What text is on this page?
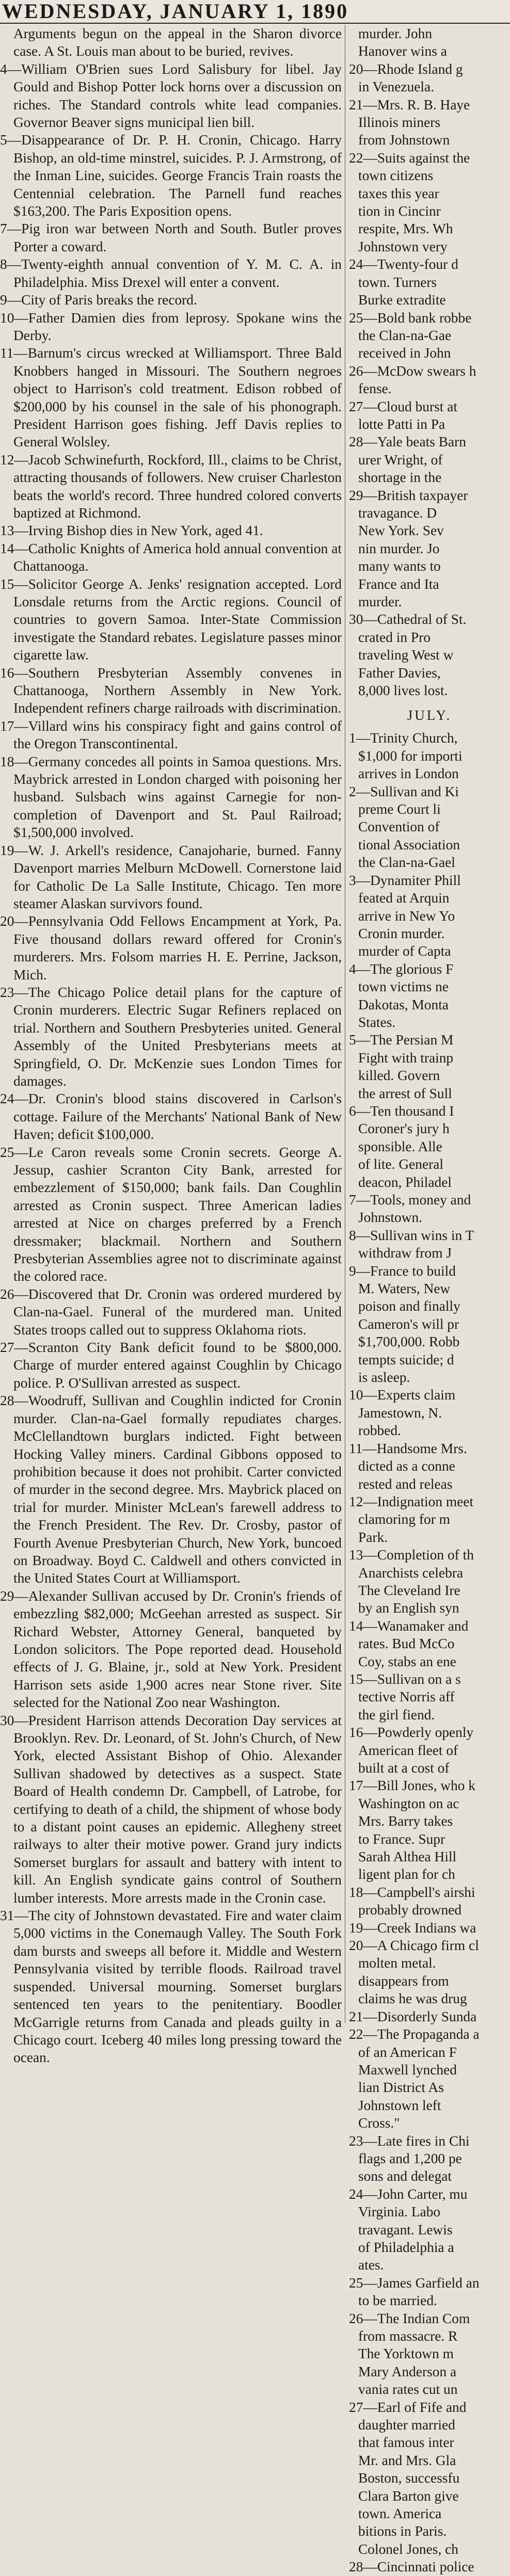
WEDNESDAY, JANUARY 1, 1890

Arguments begun on the appeal in the Sharon divorce case. A St. Louis man about to be buried, revives.

4—William O'Brien sues Lord Salisbury for libel. Jay Gould and Bishop Potter lock horns over a discussion on riches. The Standard controls white lead companies. Governor Beaver signs municipal lien bill.

5—Disappearance of Dr. P. H. Cronin, Chicago. Harry Bishop, an old-time minstrel, suicides. P. J. Armstrong, of the Inman Line, suicides. George Francis Train roasts the Centennial celebration. The Parnell fund reaches $163,200. The Paris Exposition opens.

7—Pig iron war between North and South. Butler proves Porter a coward.

8—Twenty-eighth annual convention of Y. M. C. A. in Philadelphia. Miss Drexel will enter a convent.

9—City of Paris breaks the record.

10—Father Damien dies from leprosy. Spokane wins the Derby.

11—Barnum's circus wrecked at Williamsport. Three Bald Knobbers hanged in Missouri. The Southern negroes object to Harrison's cold treatment. Edison robbed of $200,000 by his counsel in the sale of his phonograph. President Harrison goes fishing. Jeff Davis replies to General Wolsley.

12—Jacob Schwinefurth, Rockford, Ill., claims to be Christ, attracting thousands of followers. New cruiser Charleston beats the world's record. Three hundred colored converts baptized at Richmond.

13—Irving Bishop dies in New York, aged 41.

14—Catholic Knights of America hold annual convention at Chattanooga.

15—Solicitor George A. Jenks' resignation accepted. Lord Lonsdale returns from the Arctic regions. Council of countries to govern Samoa. Inter-State Commission investigate the Standard rebates. Legislature passes minor cigarette law.

16—Southern Presbyterian Assembly convenes in Chattanooga, Northern Assembly in New York. Independent refiners charge railroads with discrimination.

17—Villard wins his conspiracy fight and gains control of the Oregon Transcontinental.

18—Germany concedes all points in Samoa questions. Mrs. Maybrick arrested in London charged with poisoning her husband. Sulsbach wins against Carnegie for non-completion of Davenport and St. Paul Railroad; $1,500,000 involved.

19—W. J. Arkell's residence, Canajoharie, burned. Fanny Davenport marries Melburn McDowell. Cornerstone laid for Catholic De La Salle Institute, Chicago. Ten more steamer Alaskan survivors found.

20—Pennsylvania Odd Fellows Encampment at York, Pa. Five thousand dollars reward offered for Cronin's murderers. Mrs. Folsom marries H. E. Perrine, Jackson, Mich.

23—The Chicago Police detail plans for the capture of Cronin murderers. Electric Sugar Refiners replaced on trial. Northern and Southern Presbyteries united. General Assembly of the United Presbyterians meets at Springfield, O. Dr. McKenzie sues London Times for damages.

24—Dr. Cronin's blood stains discovered in Carlson's cottage. Failure of the Merchants' National Bank of New Haven; deficit $100,000.

25—Le Caron reveals some Cronin secrets. George A. Jessup, cashier Scranton City Bank, arrested for embezzlement of $150,000; bank fails. Dan Coughlin arrested as Cronin suspect. Three American ladies arrested at Nice on charges preferred by a French dressmaker; blackmail. Northern and Southern Presbyterian Assemblies agree not to discriminate against the colored race.

26—Discovered that Dr. Cronin was ordered murdered by Clan-na-Gael. Funeral of the murdered man. United States troops called out to suppress Oklahoma riots.

27—Scranton City Bank deficit found to be $800,000. Charge of murder entered against Coughlin by Chicago police. P. O'Sullivan arrested as suspect.

28—Woodruff, Sullivan and Coughlin indicted for Cronin murder. Clan-na-Gael formally repudiates charges. McClellandtown burglars indicted. Fight between Hocking Valley miners. Cardinal Gibbons opposed to prohibition because it does not prohibit. Carter convicted of murder in the second degree. Mrs. Maybrick placed on trial for murder. Minister McLean's farewell address to the French President. The Rev. Dr. Crosby, pastor of Fourth Avenue Presbyterian Church, New York, buncoed on Broadway. Boyd C. Caldwell and others convicted in the United States Court at Williamsport.

29—Alexander Sullivan accused by Dr. Cronin's friends of embezzling $82,000; McGeehan arrested as suspect. Sir Richard Webster, Attorney General, banqueted by London solicitors. The Pope reported dead. Household effects of J. G. Blaine, jr., sold at New York. President Harrison sets aside 1,900 acres near Stone river. Site selected for the National Zoo near Washington.

30—President Harrison attends Decoration Day services at Brooklyn. Rev. Dr. Leonard, of St. John's Church, of New York, elected Assistant Bishop of Ohio. Alexander Sullivan shadowed by detectives as a suspect. State Board of Health condemn Dr. Campbell, of Latrobe, for certifying to death of a child, the shipment of whose body to a distant point causes an epidemic. Allegheny street railways to alter their motive power. Grand jury indicts Somerset burglars for assault and battery with intent to kill. An English syndicate gains control of Southern lumber interests. More arrests made in the Cronin case.

31—The city of Johnstown devastated. Fire and water claim 5,000 victims in the Conemaugh Valley. The South Fork dam bursts and sweeps all before it. Middle and Western Pennsylvania visited by terrible floods. Railroad travel suspended. Universal mourning. Somerset burglars sentenced ten years to the penitentiary. Boodler McGarrigle returns from Canada and pleads guilty in a Chicago court. Iceberg 40 miles long pressing toward the ocean.

murder. John

Hanover wins a

20—Rhode Island g

in Venezuela.

21—Mrs. R. B. Haye

Illinois miners

from Johnstown

22—Suits against the

town citizens

taxes this year

tion in Cincinr

respite, Mrs. Wh

Johnstown very

24—Twenty-four d

town. Turners

Burke extradite

25—Bold bank robbe

the Clan-na-Gae

received in John

26—McDow swears h

fense.

27—Cloud burst at

lotte Patti in Pa

28—Yale beats Barn

urer Wright, of

shortage in the

29—British taxpayer

travagance. D

New York. Sev

nin murder. Jo

many wants to

France and Ita

murder.

30—Cathedral of St.

crated in Pro

traveling West w

Father Davies,

8,000 lives lost.

JULY.

1—Trinity Church,

$1,000 for importi

arrives in London

2—Sullivan and Ki

preme Court li

Convention of

tional Association

the Clan-na-Gael

3—Dynamiter Phill

feated at Arquin

arrive in New Yo

Cronin murder.

murder of Capta

4—The glorious F

town victims ne

Dakotas, Monta

States.

5—The Persian M

Fight with trainp

killed. Govern

the arrest of Sull

6—Ten thousand I

Coroner's jury h

sponsible. Alle

of lite. General

deacon, Philadel

7—Tools, money and

Johnstown.

8—Sullivan wins in T

withdraw from J

9—France to build

M. Waters, New

poison and finally

Cameron's will pr

$1,700,000. Robb

tempts suicide; d

is asleep.

10—Experts claim

Jamestown, N.

robbed.

11—Handsome Mrs.

dicted as a conne

rested and releas

12—Indignation meet

clamoring for m

Park.

13—Completion of th

Anarchists celebra

The Cleveland Ire

by an English syn

14—Wanamaker and

rates. Bud McCo

Coy, stabs an ene

15—Sullivan on a s

tective Norris aff

the girl fiend.

16—Powderly openly

American fleet of

built at a cost of

17—Bill Jones, who k

Washington on ac

Mrs. Barry takes

to France. Supr

Sarah Althea Hill

ligent plan for ch

18—Campbell's airshi

probably drowned

19—Creek Indians wa

20—A Chicago firm cl

molten metal.

disappears from

claims he was drug

21—Disorderly Sunda

22—The Propaganda a

of an American F

Maxwell lynched

lian District As

Johnstown left

Cross."

23—Late fires in Chi

flags and 1,200 pe

sons and delegat

24—John Carter, mu

Virginia. Labo

travagant. Lewis

of Philadelphia a

ates.

25—James Garfield an

to be married.

26—The Indian Com

from massacre. R

The Yorktown m

Mary Anderson a

vania rates cut un

27—Earl of Fife and

daughter married

that famous inter

Mr. and Mrs. Gla

Boston, successfu

Clara Barton give

town. America

bitions in Paris.

Colonel Jones, ch

28—Cincinnati police
